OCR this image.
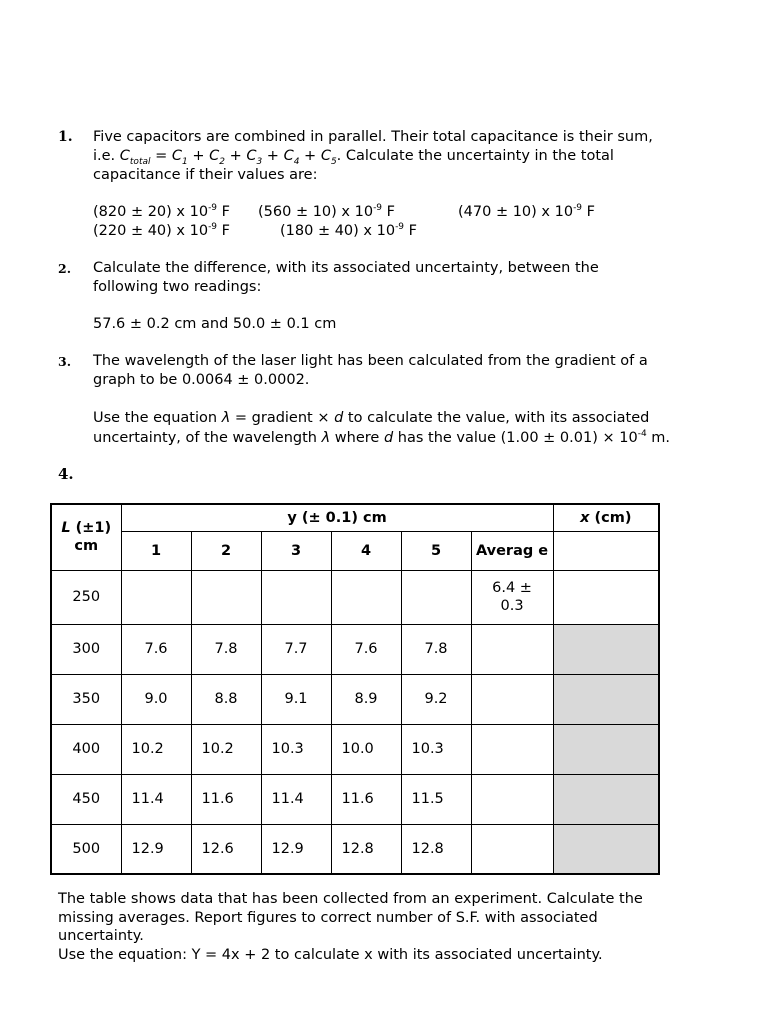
1. Five capacitors are combined in parallel. Their total capacitance is their sum,
i.e. $C_{total} = C_1 + C_2 + C_3 + C_4 + C_5$. Calculate the uncertainty in the total
capacitance if their values are:
(820 ± 20) x $10^{-9}$ F (560 ± 10) x $10^{-9}$ F	(470 ± 10) x $10^{-9}$ F
(220 ± 40) x $10^{-9}$ F	(180 ± 40) x $10^{-9}$ F
2. Calculate the difference, with its associated uncertainty, between the
following two readings:
57.6 ± 0.2 cm and 50.0 ± 0.1 cm
3. The wavelength of the laser light has been calculated from the gradient of a
graph to be 0.0064 ± 0.0002.
Use the equation λ = gradient × d to calculate the value, with its associated
uncertainty, of the wavelength λ where d has the value $(1.00 \pm 0.01) \times 10^{-4}$ m.
4.
L (±1) cm	y (± 0.1) cm						x (cm)
	1	2	3	4	5	Averag e	
250						6.4 ± 0.3	
300	7.6	7.8	7.7	7.6	7.8		
350	9.0	8.8	9.1	8.9	9.2		
400	10.2	10.2	10.3	10.0	10.3		
450	11.4	11.6	11.4	11.6	11.5		
500	12.9	12.6	12.9	12.8	12.8		
The table shows data that has been collected from an experiment. Calculate the
missing averages. Report figures to correct number of S.F. with associated
uncertainty.
Use the equation: Y = 4x + 2 to calculate x with its associated uncertainty.
